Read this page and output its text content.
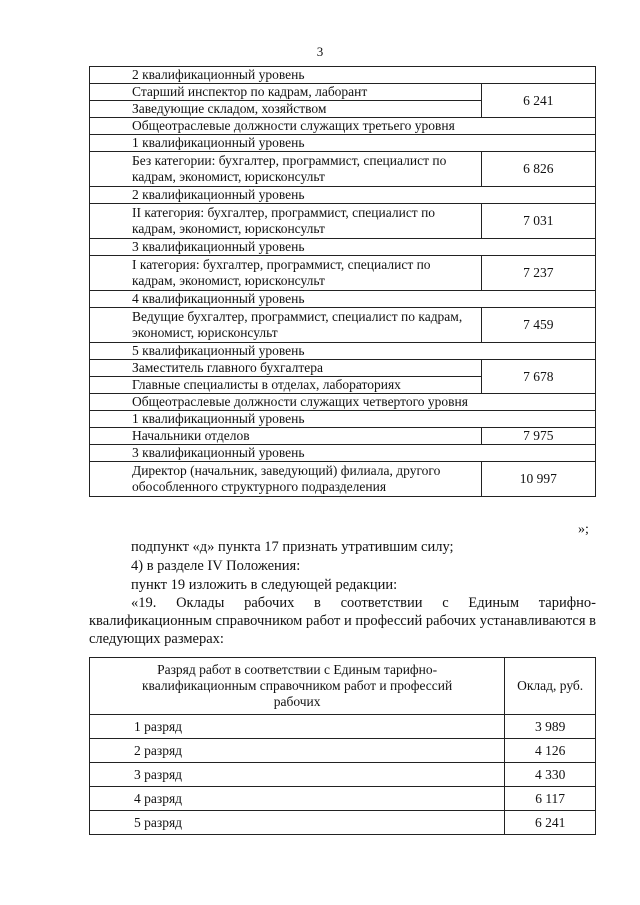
3
2 квалификационный уровень	
Старший инспектор по кадрам, лаборант	6 241
Заведующие складом, хозяйством	
Общеотраслевые должности служащих третьего уровня	
1 квалификационный уровень	
Без категории: бухгалтер, программист, специалист по кадрам, экономист, юрисконсульт	6 826
2 квалификационный уровень	
II категория: бухгалтер, программист, специалист по кадрам, экономист, юрисконсульт	7 031
3 квалификационный уровень	
I категория: бухгалтер, программист, специалист по кадрам, экономист, юрисконсульт	7 237
4 квалификационный уровень	
Ведущие бухгалтер, программист, специалист по кадрам, экономист, юрисконсульт	7 459
5 квалификационный уровень	
Заместитель главного бухгалтера	7 678
Главные специалисты в отделах, лабораториях	
Общеотраслевые должности служащих четвертого уровня	
1 квалификационный уровень	
Начальники отделов	7 975
3 квалификационный уровень	
Директор (начальник, заведующий) филиала, другого обособленного структурного подразделения	10 997
»;
подпункт «д» пункта 17 признать утратившим силу;
4) в разделе IV Положения:
пункт 19 изложить в следующей редакции:
«19. Оклады рабочих в соответствии с Единым тарифно-квалификационным справочником работ и профессий рабочих устанавливаются в следующих размерах:
Разряд работ в соответствии с Единым тарифно-квалификационным справочником работ и профессий рабочих	Оклад, руб.
1 разряд	3 989
2 разряд	4 126
3 разряд	4 330
4 разряд	6 117
5 разряд	6 241
